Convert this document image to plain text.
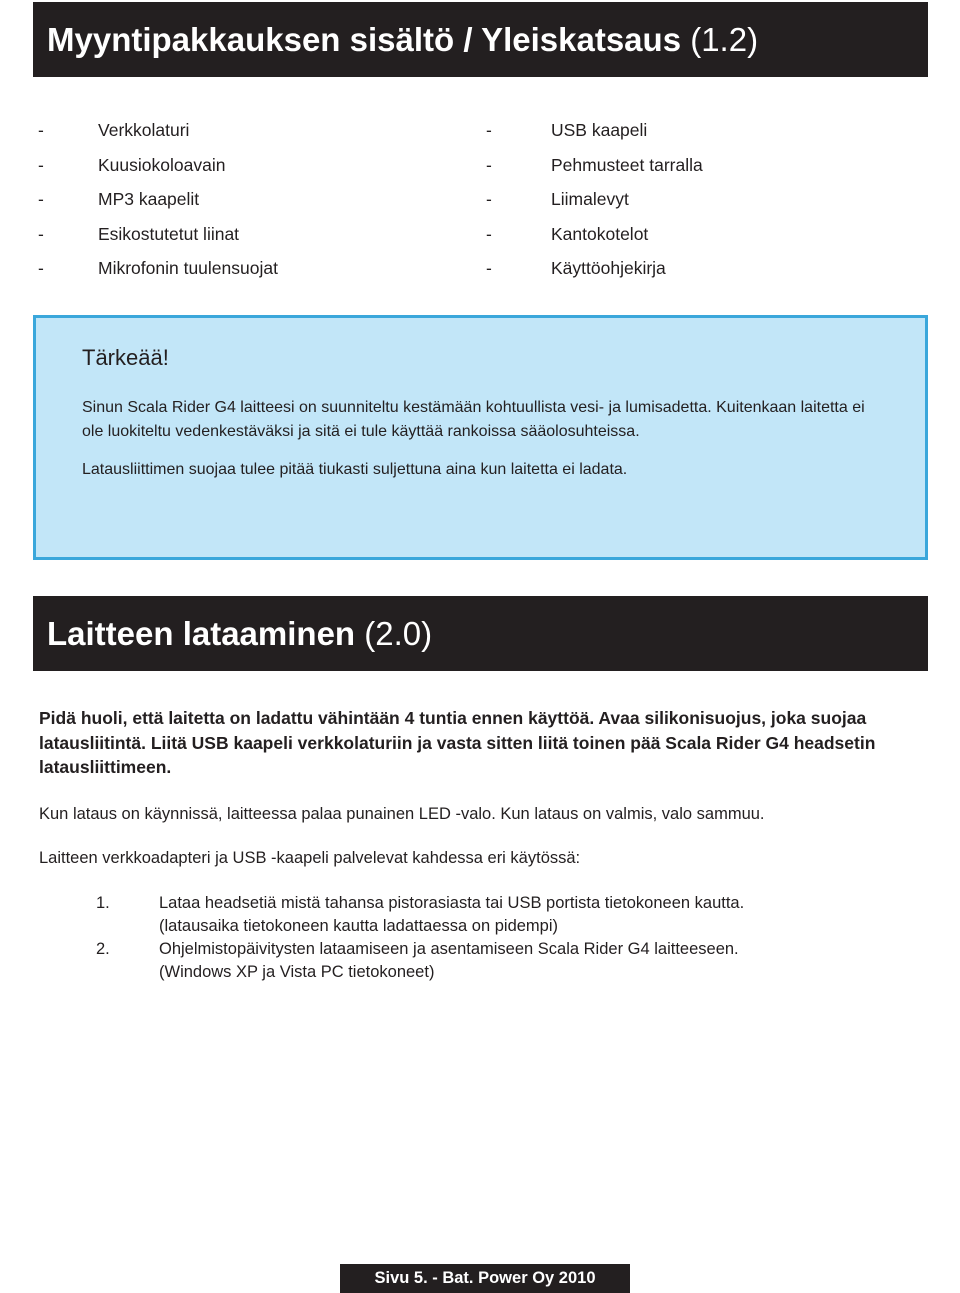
Myyntipakkauksen sisältö / Yleiskatsaus (1.2)
-	Verkkolaturi
-	Kuusiokoloavain
-	MP3 kaapelit
-	Esikostutetut liinat
-	Mikrofonin tuulensuojat
-	USB kaapeli
-	Pehmusteet tarralla
-	Liimalevyt
-	Kantokotelot
-	Käyttöohjekirja
Tärkeää!

Sinun Scala Rider G4 laitteesi on suunniteltu kestämään kohtuullista vesi- ja lumisadetta. Kuitenkaan laitetta ei ole luokiteltu vedenkestäväksi ja sitä ei tule käyttää rankoissa sääolosuhteissa.

Latausliittimen suojaa tulee pitää tiukasti suljettuna aina kun laitetta ei ladata.

Laitteen lataaminen (2.0)

Pidä huoli, että laitetta on ladattu vähintään 4 tuntia ennen käyttöä. Avaa silikonisuojus, joka suojaa latausliitintä. Liitä USB kaapeli verkkolaturiin ja vasta sitten liitä toinen pää Scala Rider G4 headsetin latausliittimeen.

Kun lataus on käynnissä, laitteessa palaa punainen LED -valo. Kun lataus on valmis, valo sammuu.

Laitteen verkkoadapteri ja USB -kaapeli palvelevat kahdessa eri käytössä:

1.	Lataa headsetiä mistä tahansa pistorasiasta tai USB portista tietokoneen kautta.
(latausaika tietokoneen kautta ladattaessa on pidempi)
2.	Ohjelmistopäivitysten lataamiseen ja asentamiseen Scala Rider G4 laitteeseen.
(Windows XP ja Vista PC tietokoneet)
Sivu 5. - Bat. Power Oy 2010
